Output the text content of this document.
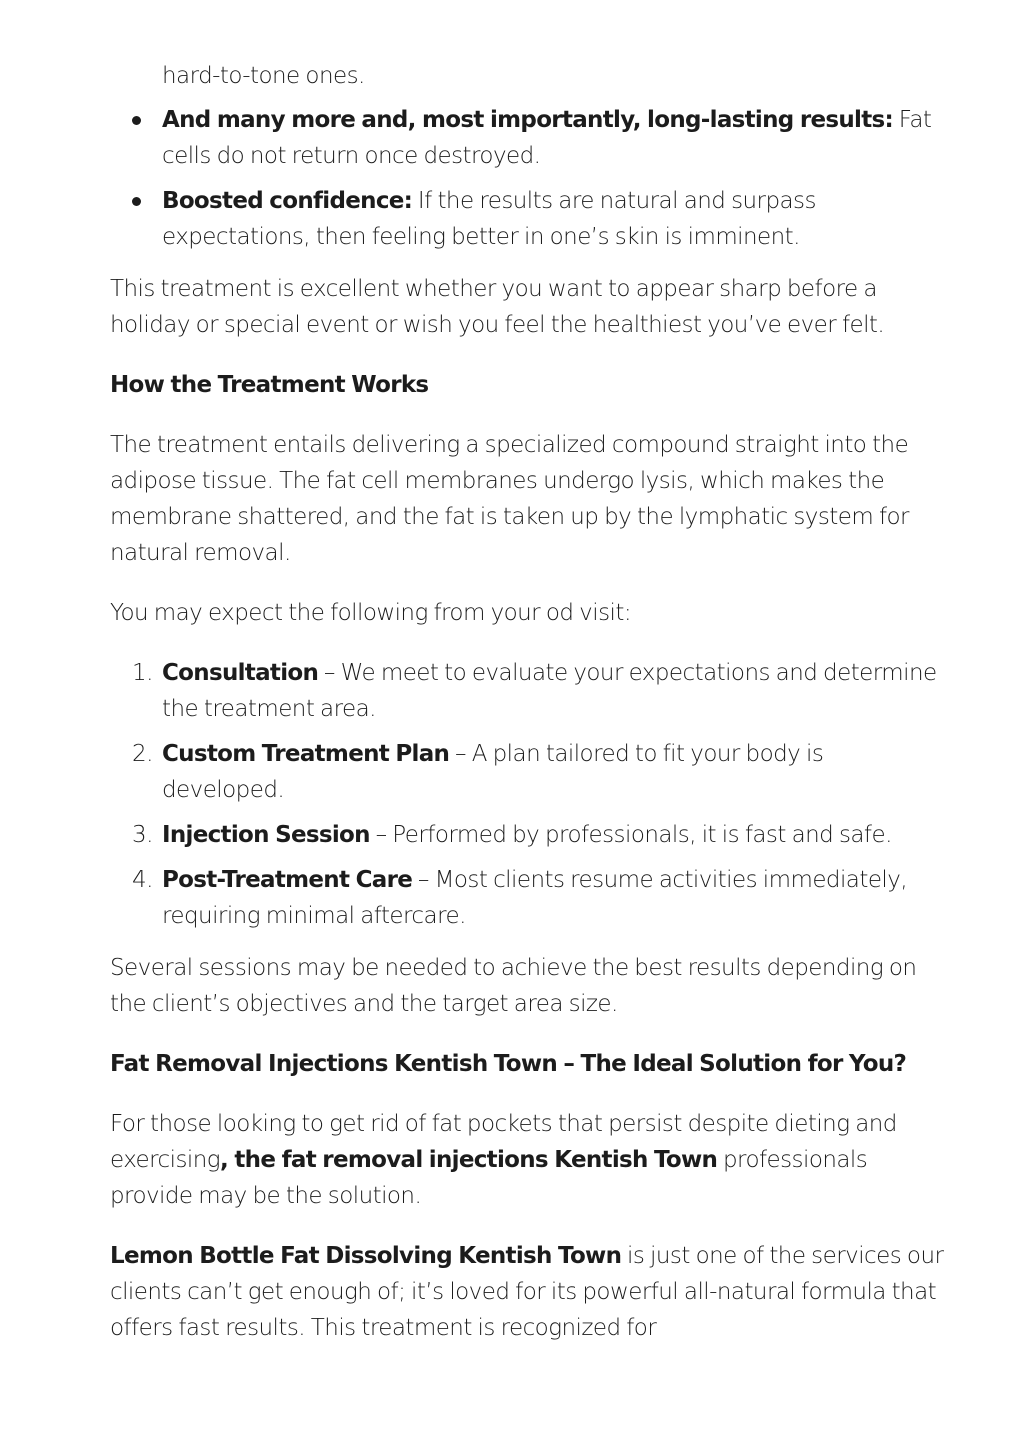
hard-to-tone ones.
And many more and, most importantly, long-lasting results: Fat cells do not return once destroyed.
Boosted confidence: If the results are natural and surpass expectations, then feeling better in one’s skin is imminent.

This treatment is excellent whether you want to appear sharp before a holiday or special event or wish you feel the healthiest you’ve ever felt.

How the Treatment Works

The treatment entails delivering a specialized compound straight into the adipose tissue. The fat cell membranes undergo lysis, which makes the membrane shattered, and the fat is taken up by the lymphatic system for natural removal.

You may expect the following from your od visit:

1. Consultation – We meet to evaluate your expectations and determine the treatment area.
2. Custom Treatment Plan – A plan tailored to fit your body is developed.
3. Injection Session – Performed by professionals, it is fast and safe.
4. Post-Treatment Care – Most clients resume activities immediately, requiring minimal aftercare.

Several sessions may be needed to achieve the best results depending on the client’s objectives and the target area size.

Fat Removal Injections Kentish Town – The Ideal Solution for You?

For those looking to get rid of fat pockets that persist despite dieting and exercising, the fat removal injections Kentish Town professionals provide may be the solution.

Lemon Bottle Fat Dissolving Kentish Town is just one of the services our clients can’t get enough of; it’s loved for its powerful all-natural formula that offers fast results. This treatment is recognized for
